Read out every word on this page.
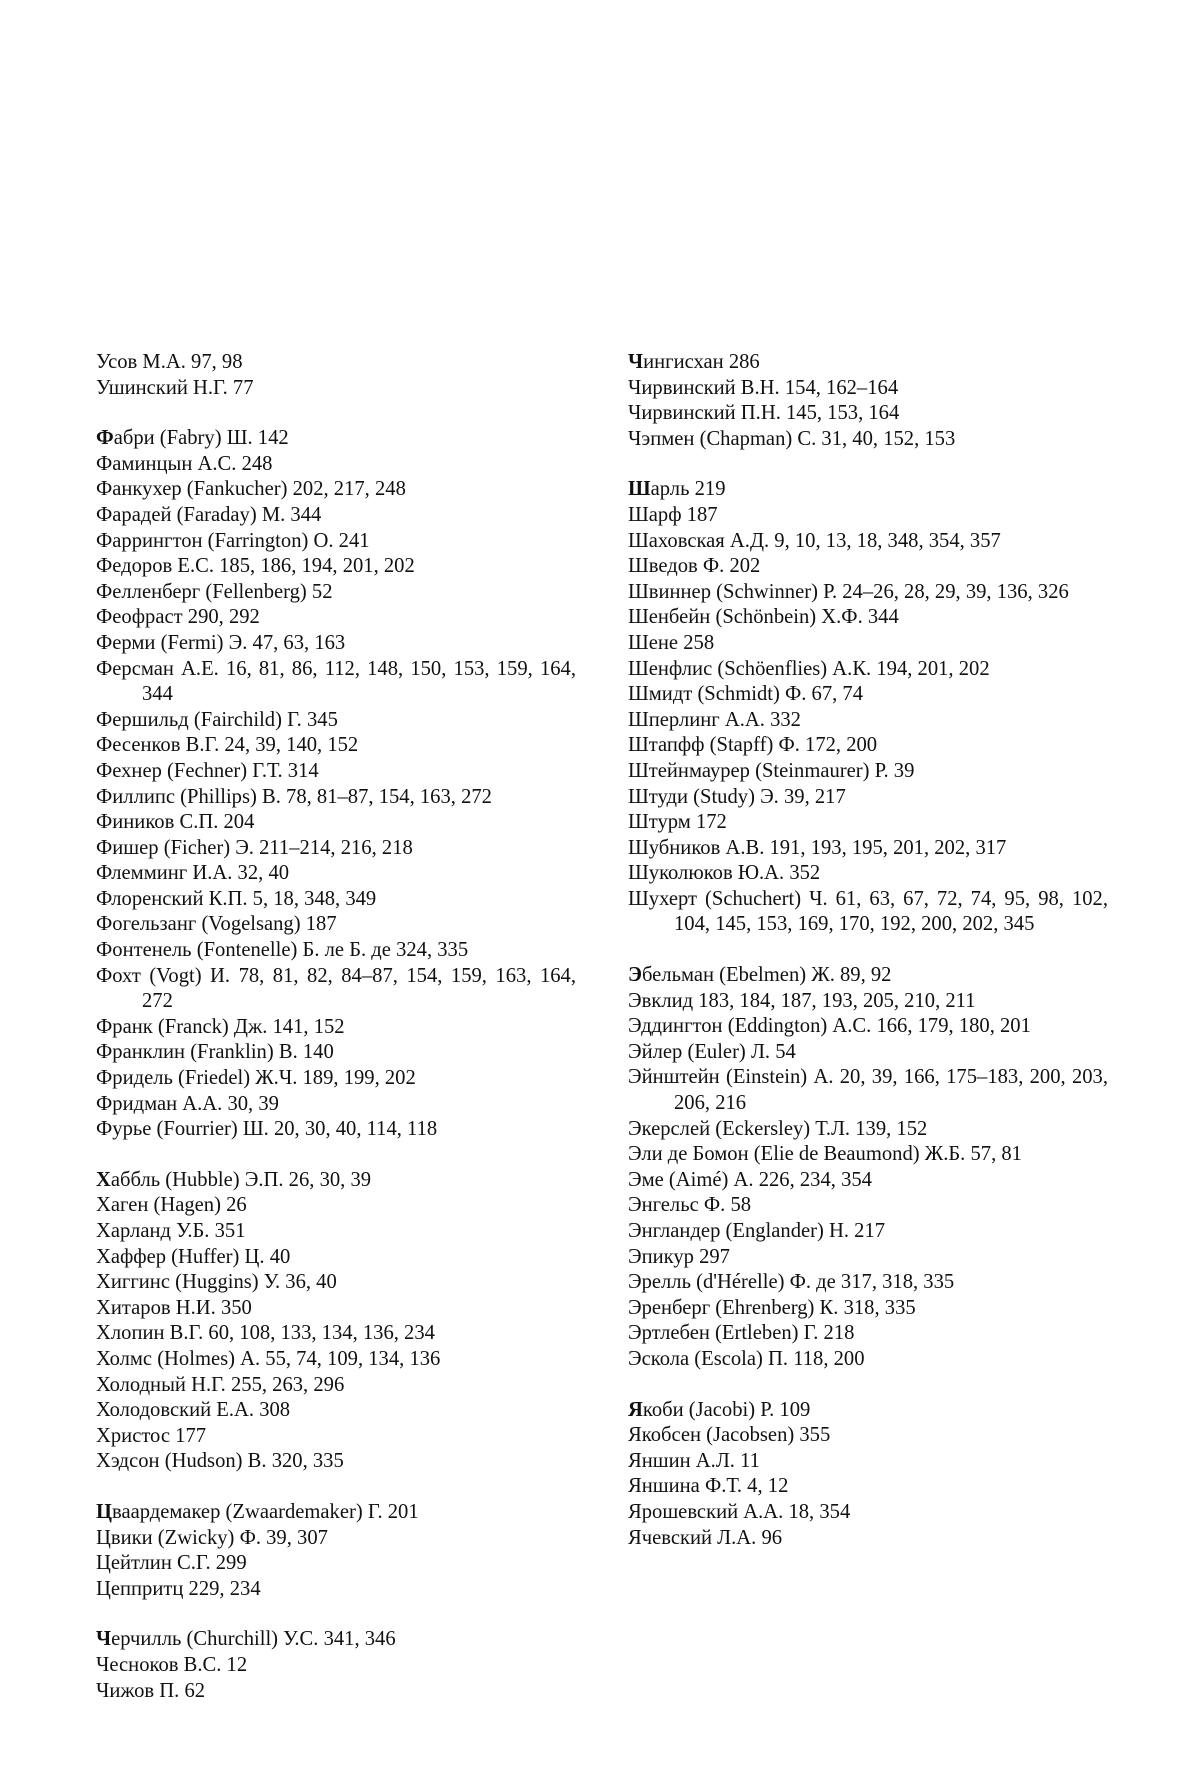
Усов М.А. 97, 98

Ушинский Н.Г. 77

Фабри (Fabry) Ш. 142

Фаминцын А.С. 248

Фанкухер (Fankucher) 202, 217, 248

Фарадей (Faraday) М. 344

Фаррингтон (Farrington) О. 241

Федоров Е.С. 185, 186, 194, 201, 202

Фелленберг (Fellenberg) 52

Феофраст 290, 292

Ферми (Fermi) Э. 47, 63, 163

Ферсман А.Е. 16, 81, 86, 112, 148, 150, 153, 159, 164, 344

Фершильд (Fairchild) Г. 345

Фесенков В.Г. 24, 39, 140, 152

Фехнер (Fechner) Г.Т. 314

Филлипс (Phillips) В. 78, 81–87, 154, 163, 272

Фиников С.П. 204

Фишер (Ficher) Э. 211–214, 216, 218

Флемминг И.А. 32, 40

Флоренский К.П. 5, 18, 348, 349

Фогельзанг (Vogelsang) 187

Фонтенель (Fontenelle) Б. ле Б. де 324, 335

Фохт (Vogt) И. 78, 81, 82, 84–87, 154, 159, 163, 164, 272

Франк (Franck) Дж. 141, 152

Франклин (Franklin) В. 140

Фридель (Friedel) Ж.Ч. 189, 199, 202

Фридман А.А. 30, 39

Фурье (Fourrier) Ш. 20, 30, 40, 114, 118

Хаббль (Hubble) Э.П. 26, 30, 39

Хаген (Hagen) 26

Харланд У.Б. 351

Хаффер (Huffer) Ц. 40

Хиггинс (Huggins) У. 36, 40

Хитаров Н.И. 350

Хлопин В.Г. 60, 108, 133, 134, 136, 234

Холмс (Holmes) А. 55, 74, 109, 134, 136

Холодный Н.Г. 255, 263, 296

Холодовский Е.А. 308

Христос 177

Хэдсон (Hudson) В. 320, 335

Цваардемакер (Zwaardemaker) Г. 201

Цвики (Zwicky) Ф. 39, 307

Цейтлин С.Г. 299

Цеппритц 229, 234

Черчилль (Churchill) У.С. 341, 346

Чесноков В.С. 12

Чижов П. 62

Чингисхан 286

Чирвинский В.Н. 154, 162–164

Чирвинский П.Н. 145, 153, 164

Чэпмен (Chapman) С. 31, 40, 152, 153

Шарль 219

Шарф 187

Шаховская А.Д. 9, 10, 13, 18, 348, 354, 357

Шведов Ф. 202

Швиннер (Schwinner) Р. 24–26, 28, 29, 39, 136, 326

Шенбейн (Schönbein) Х.Ф. 344

Шене 258

Шенфлис (Schöenflies) А.К. 194, 201, 202

Шмидт (Schmidt) Ф. 67, 74

Шперлинг А.А. 332

Штапфф (Stapff) Ф. 172, 200

Штейнмаурер (Steinmaurer) Р. 39

Штуди (Study) Э. 39, 217

Штурм 172

Шубников А.В. 191, 193, 195, 201, 202, 317

Шуколюков Ю.А. 352

Шухерт (Schuchert) Ч. 61, 63, 67, 72, 74, 95, 98, 102, 104, 145, 153, 169, 170, 192, 200, 202, 345

Эбельман (Ebelmen) Ж. 89, 92

Эвклид 183, 184, 187, 193, 205, 210, 211

Эддингтон (Eddington) А.С. 166, 179, 180, 201

Эйлер (Euler) Л. 54

Эйнштейн (Einstein) А. 20, 39, 166, 175–183, 200, 203, 206, 216

Экерслей (Eckersley) Т.Л. 139, 152

Эли де Бомон (Elie de Beaumond) Ж.Б. 57, 81

Эме (Aimé) А. 226, 234, 354

Энгельс Ф. 58

Энгландер (Englander) Н. 217

Эпикур 297

Эрелль (d'Hérelle) Ф. де 317, 318, 335

Эренберг (Ehrenberg) К. 318, 335

Эртлебен (Ertleben) Г. 218

Эскола (Escola) П. 118, 200

Якоби (Jacobi) Р. 109

Якобсен (Jacobsen) 355

Яншин А.Л. 11

Яншина Ф.Т. 4, 12

Ярошевский А.А. 18, 354

Ячевский Л.А. 96
